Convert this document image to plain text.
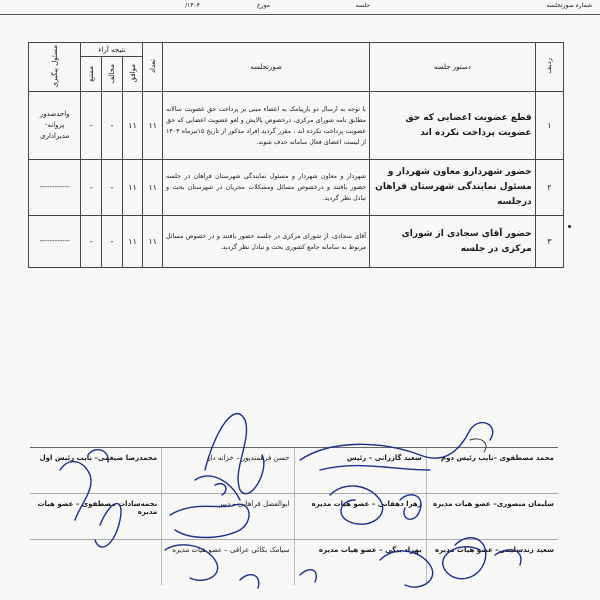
شماره صورتجلسه
جلسه
مورخ
۱۴۰۴/
ردیف	دستور جلسه	صورتجلسه	تعداد	نتیجه آراء			مسئول پیگیری
				موافق	مخالف	ممتنع	
۱	قطع عضویت اعضایی که حق عضویت پرداخت نکرده اند	با توجه به ارسال دو بارپیامک به اعضاء مبنی بر پرداخت حق عضویت سالانه مطابق نامه شورای مرکزی، درخصوص پالایش و لغو عضویت اعضایی که حق عضویت پرداخت نکرده اند ، مقرر گردید افراد مذکور از تاریخ ۱۵تیرماه ۱۴۰۴ از لیست اعضای فعال سامانه حذف شوند.	۱۱	۱۱	-	-	واحدصدور پروانه- مدیراداری
۲	حضور شهردارو معاون شهردار و مسئول نمایندگی شهرستان فراهان درجلسه	شهردار و معاون شهردار و مسئول نمایندگی شهرستان فراهان در جلسه حضور یافتند و درخصوص مسائل ومشکلات مجریان در شهرستان بحث و تبادل نظر گردید.	۱۱	۱۱	-	-	------------
۳	حضور آقای سجادی از شورای مرکزی در جلسه	آقای سجادی، از شورای مرکزی در جلسه حضور یافتند و در خصوص مسائل مربوط به سامانه جامع کشوری بحث و تبادل نظر گردید.	۱۱	۱۱	-	-	------------
محمد مصطفوی –نایب رئیس دوم
سعید گازرانی – رئیس
حسن فرهمندپور – خزانه دار
محمدرضا ضیغمی– نایب رئیس اول
سلیمان منصوری– عضو هیات مدیره
زهرا دهقانی – عضو هیات مدیره
ابوالفضل فراهانی – دبیر
نجمه‌سادات مصطفوی – عضو هیات مدیره
سعید زندسلیمی– عضو هیات مدیره
بهزاد بیگی – عضو هیات مدیره
سیامک بکائی عراقی – عضو هیات مدیره
